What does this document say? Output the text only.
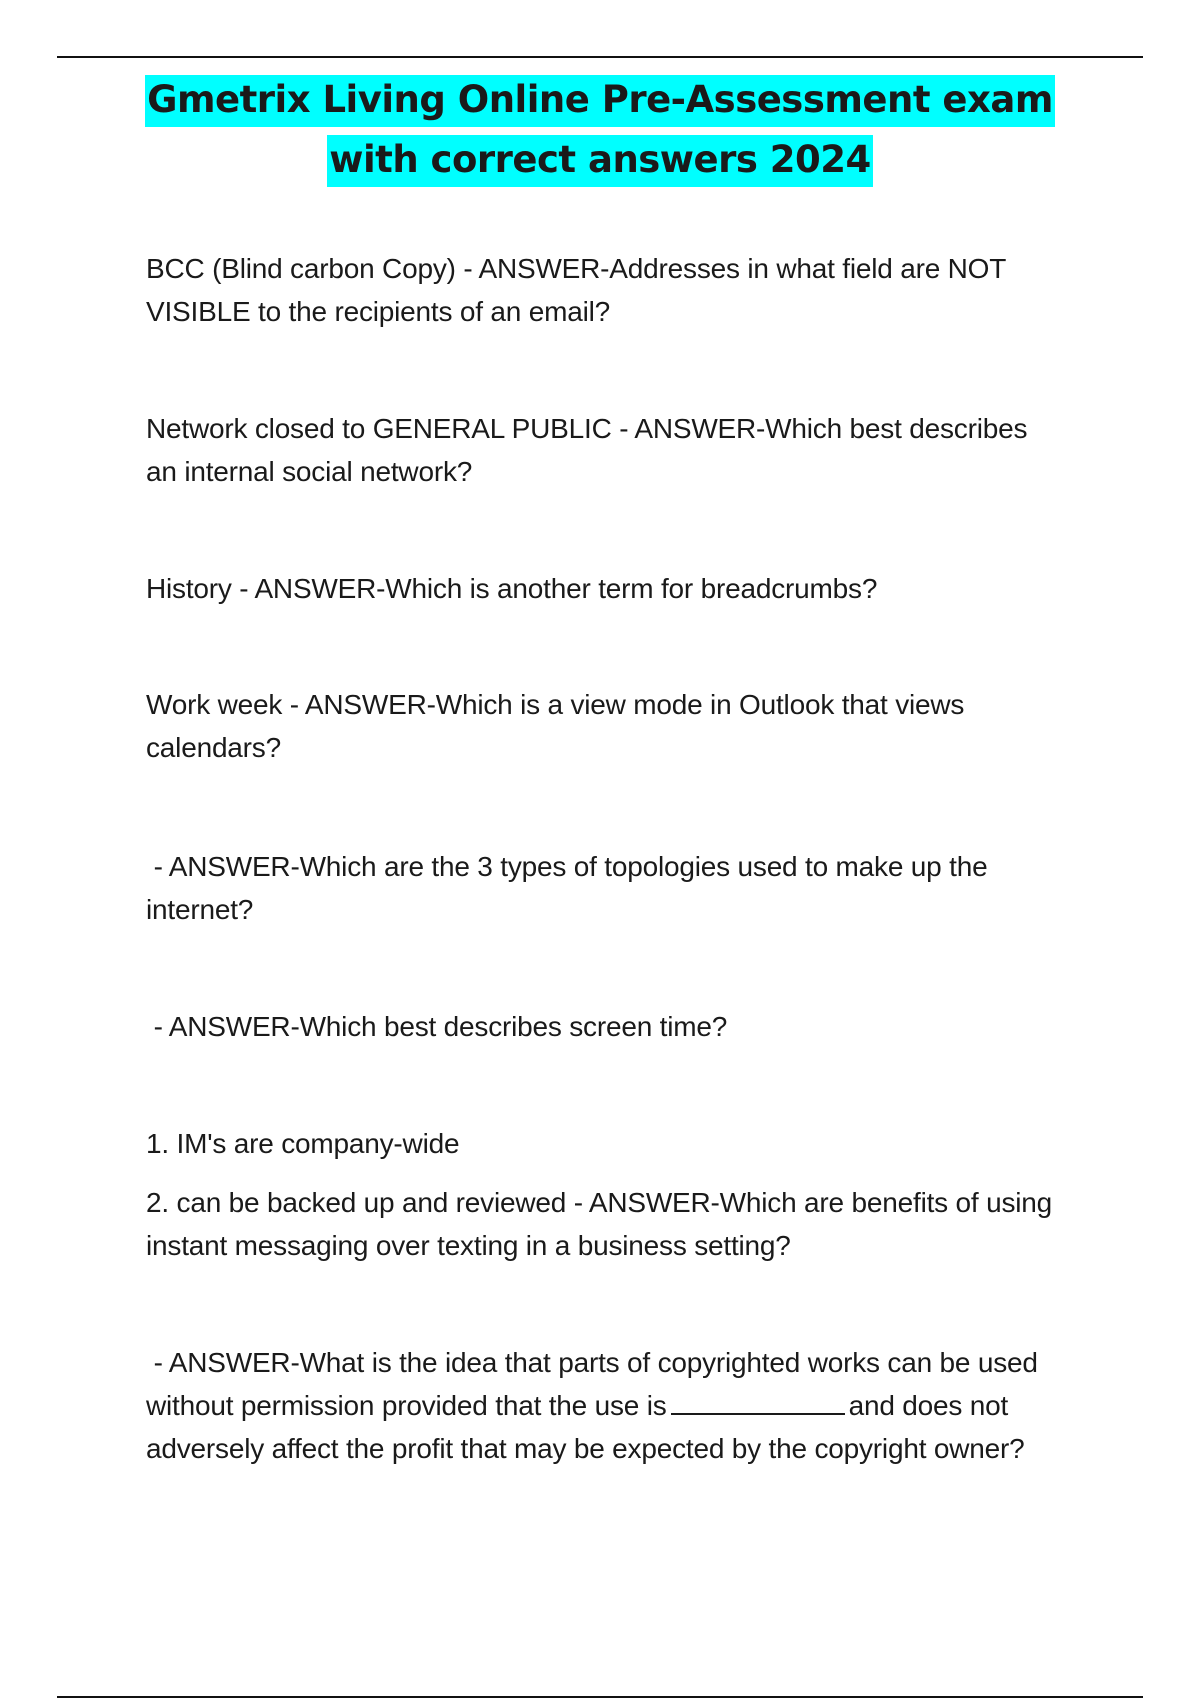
Gmetrix Living Online Pre-Assessment exam
with correct answers 2024

BCC (Blind carbon Copy) - ANSWER-Addresses in what field are NOT VISIBLE to the recipients of an email?

Network closed to GENERAL PUBLIC - ANSWER-Which best describes an internal social network?

History - ANSWER-Which is another term for breadcrumbs?

Work week - ANSWER-Which is a view mode in Outlook that views calendars?

- ANSWER-Which are the 3 types of topologies used to make up the internet?

- ANSWER-Which best describes screen time?

1. IM's are company-wide
2. can be backed up and reviewed - ANSWER-Which are benefits of using instant messaging over texting in a business setting?

- ANSWER-What is the idea that parts of copyrighted works can be used without permission provided that the use is	and does not adversely affect the profit that may be expected by the copyright owner?
